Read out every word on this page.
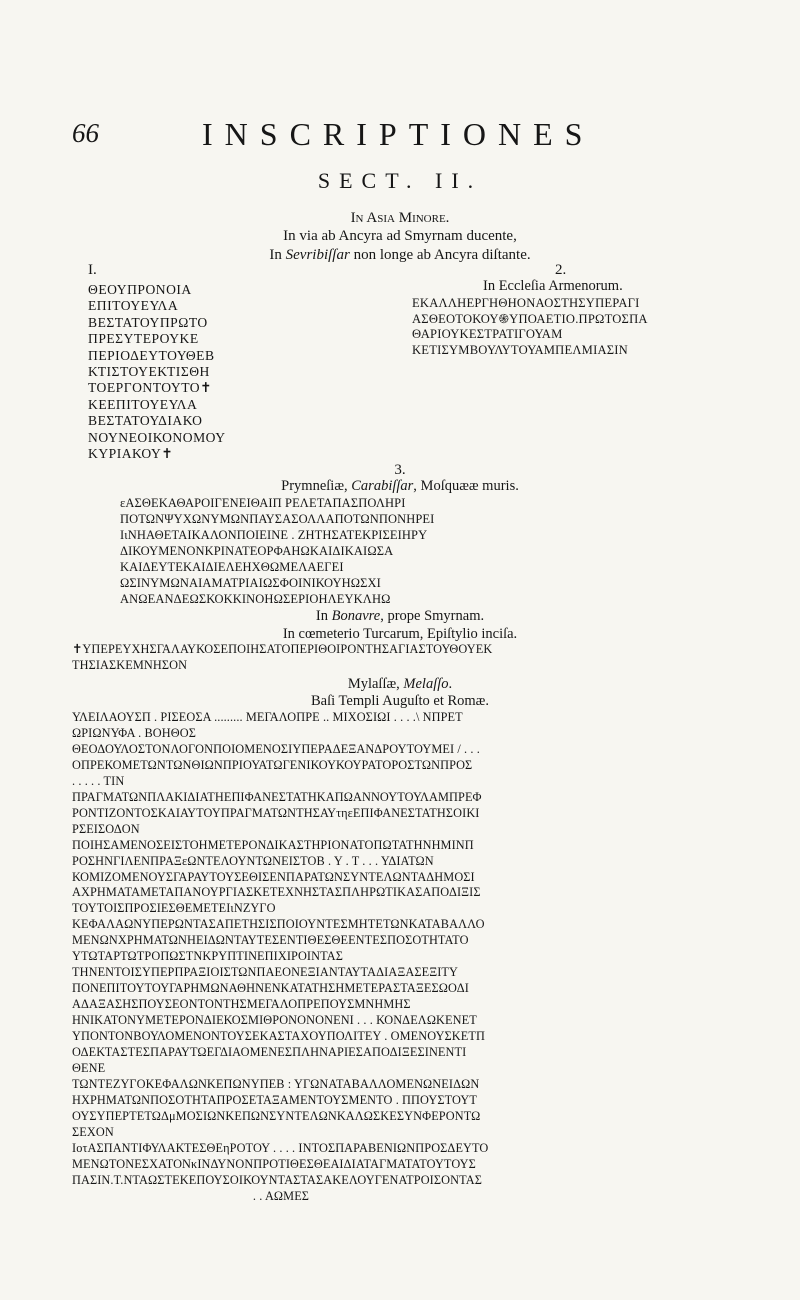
66	INSCRIPTIONES
SECT. II.
In Asia Minore.
In via ab Ancyra ad Smyrnam ducente,
In Sevribiſſar non longe ab Ancyra diſtante.
I.
ΘΕΟΥΠΡΟΝΟΙΑ
ΕΠΙΤΟΥΕΥΛΑ
ΒΕΣΤΑΤΟΥΠΡΩΤΟ
ΠΡΕΣΥΤΕΡΟΥΚΕ
ΠΕΡΙΟΔΕΥΤΟΥΘΕΒ
ΚΤΙΣΤΟΥΕΚΤΙΣΘΗ
ΤΟΕΡΓΟΝΤΟΥΤΟ✝
ΚΕΕΠΙΤΟΥΕΥΛΑ
ΒΕΣΤΑΤΟΥΔΙΑΚΟ
ΝΟΥΝΕΟΙΚΟΝΟΜΟΥ
ΚΥΡΙΑΚΟΥ✝
2.
In Eccleſia Armenorum.
ΕΚΑΛΛΗΕΡΓΗΘΗΟΝΑΟΣΤΗΣΥΠΕΡΑΓΙ
ΑΣΘΕΟΤΟΚΟΥ֍ΥΠΟΑΕΤΙΟ.ΠΡΩΤΟΣΠΑ
ΘΑΡΙΟΥΚΕΣΤΡΑΤΙΓΟΥΑΜ
ΚΕΤΙΣΥΜΒΟΥΛΥΤΟΥΑΜΠΕΛΜΙΑΣΙΝ
3.
Prymneſiæ, Carabiſſar, Moſquææ muris.
εΑΣΘΕΚΑΘΑΡΟΙΓΕΝΕΙΘΑΙΠ ΡΕΛΕΤΑΠΑΣΠΟΛΗΡΙ
ΠΟΤΩΝΨΥΧΩΝΥΜΩΝΠΑΥΣΑΣΟΛΛΑΠΟΤΩΝΠΟΝΗΡΕΙ
ΙιΝΗΑΘΕΤΑΙΚΑΛΟΝΠΟΙΕΙΝΕ . ΖΗΤΗΣΑΤΕΚΡΙΣΕΙΗΡΥ
ΔΙΚΟΥΜΕΝΟΝΚΡΙΝΑΤΕΟΡΦΑΗΩΚΑΙΔΙΚΑΙΩΣΑ
ΚΑΙΔΕΥΤΕΚΑΙΔΙΕΛΕΗΧΘΩΜΕΛΑΕΓΕΙ
ΩΣΙΝΥΜΩΝΑΙΑΜΑΤΡΙΑΙΩΣΦΟΙΝΙΚΟΥΗΩΣΧΙ
ΑΝΩΕΑΝΔΕΩΣΚΟΚΚΙΝΟΗΩΣΕΡΙΟΗΛΕΥΚΛΗΩ
In Bonavre, prope Smyrnam.
In cœmeterio Turcarum, Epiſtylio inciſa.
✝ΥΠΕΡΕΥΧΗΣΓΑΛΑΥΚΟΣΕΠΟΙΗΣΑΤΟΠΕΡΙΘΟΙΡΟΝΤΗΣΑΓΙΑΣΤΟΥΘΟΥΕΚ
ΤΗΣΙΑΣΚΕΜΝΗΣΟΝ
Mylaſſæ, Melaſſo.
Baſi Templi Auguſto et Romæ.
ΥΛΕΙΛΑΟΥΣΠ . ΡΙΣΕΟΣΑ ......... ΜΕΓΑΛΟΠΡΕ .. ΜΙΧΟΣΙΩΙ . . . .\ ΝΠΡΕΤ
ΩΡΙΩΝΥΦΑ . ΒΟΗΘΟΣ
ΘΕΟΔΟΥΛΟΣΤΟΝΛΟΓΟΝΠΟΙΟΜΕΝΟΣΙΥΠΕΡΑΔΕΞΑΝΔΡΟΥΤΟΥΜΕΙ / . . .
ΟΠΡΕΚΟΜΕΤΩΝΤΩΝΘΙΩΝΠΡΙΟΥΑΤΩΓΕΝΙΚΟΥΚΟΥΡΑΤΟΡΟΣΤΩΝΠΡΟΣ
. . . . . ΤΙΝ
ΠΡΑΓΜΑΤΩΝΠΛΑΚΙΔΙΑΤΗΕΠΙΦΑΝΕΣΤΑΤΗΚΑΠΩΑΝΝΟΥΤΟΥΛΑΜΠΡΕΦ
ΡΟΝΤΙΖΟΝΤΟΣΚΑΙΑΥΤΟΥΠΡΑΓΜΑΤΩΝΤΗΣΑΥτηεΕΠΙΦΑΝΕΣΤΑΤΗΣΟΙΚΙ
ΡΣΕΙΣΟΔΟΝ
ΠΟΙΗΣΑΜΕΝΟΣΕΙΣΤΟΗΜΕΤΕΡΟΝΔΙΚΑΣΤΗΡΙΟΝΑΤΟΠΩΤΑΤΗΝΗΜΙΝΠ
ΡΟΣΗΝΓΙΛΕΝΠΡΑΞεΩΝΤΕΛΟΥΝΤΩΝΕΙΣΤΟΒ . Υ . Τ . . . ΥΔΙΑΤΩΝ
ΚΟΜΙΖΟΜΕΝΟΥΣΓΑΡΑΥΤΟΥΣΕΘΙΣΕΝΠΑΡΑΤΩΝΣΥΝΤΕΛΩΝΤΑΔΗΜΟΣΙ
ΑΧΡΗΜΑΤΑΜΕΤΑΠΑΝΟΥΡΓΙΑΣΚΕΤΕΧΝΗΣΤΑΣΠΛΗΡΩΤΙΚΑΣΑΠΟΔΙΞΙΣ
ΤΟΥΤΟΙΣΠΡΟΣΙΕΣΘΕΜΕΤΕΙιΝΖΥΓΟ
ΚΕΦΑΛΑΩΝΥΠΕΡΩΝΤΑΣΑΠΕΤΗΣΙΣΠΟΙΟΥΝΤΕΣΜΗΤΕΤΩΝΚΑΤΑΒΑΛΛΟ
ΜΕΝΩΝΧΡΗΜΑΤΩΝΗΕΙΔΩΝΤΑΥΤΕΣΕΝΤΙΘΕΣΘΕΕΝΤΕΣΠΟΣΟΤΗΤΑΤΟ
ΥΤΩΤΑΡΤΩΤΡΟΠΩΣΤΝΚΡΥΠΤΙΝΕΠΙΧΙΡΟΙΝΤΑΣ
ΤΗΝΕΝΤΟΙΣΥΠΕΡΠΡΑΞΙΟΙΣΤΩΝΠΑΕΟΝΕΞΙΑΝΤΑΥΤΑΔΙΑΞΑΣΕΞΙΤΥ
ΠΟΝΕΠΙΤΟΥΤΟΥΓΑΡΗΜΩΝΑΘΗΝΕΝΚΑΤΑΤΗΣΗΜΕΤΕΡΑΣΤΑΞΕΣΩΟΔΙ
ΑΔΑΞΑΣΗΣΠΟΥΣΕΟΝΤΟΝΤΗΣΜΕΓΑΛΟΠΡΕΠΟΥΣΜΝΗΜΗΣ
ΗΝΙΚΑΤΟΝΥΜΕΤΕΡΟΝΔΙΕΚΟΣΜΙΘΡΟΝΟΝΟΝΕΝΙ . . . ΚΟΝΔΕΛΩΚΕΝΕΤ
ΥΠΟΝΤΟΝΒΟΥΛΟΜΕΝΟΝΤΟΥΣΕΚΑΣΤΑΧΟΥΠΟΛΙΤΕΥ . ΟΜΕΝΟΥΣΚΕΤΠ
ΟΔΕΚΤΑΣΤΕΣΠΑΡΑΥΤΩΕΓΔΙΑΟΜΕΝΕΣΠΛΗΝΑΡΙΕΣΑΠΟΔΙΞΕΣΙΝΕΝΤΙ
ΘΕΝΕ
ΤΩΝΤΕΖΥΓΟΚΕΦΑΛΩΝΚΕΠΩΝΥΠΕΒ : ΥΓΩΝΑΤΑΒΑΛΛΟΜΕΝΩΝΕΙΔΩΝ
ΗΧΡΗΜΑΤΩΝΠΟΣΟΤΗΤΑΠΡΟΣΕΤΑΞΑΜΕΝΤΟΥΣΜΕΝΤΟ . ΠΠΟΥΣΤΟΥΤ
ΟΥΣΥΠΕΡΤΕΤΩΔμΜΟΣΙΩΝΚΕΠΩΝΣΥΝΤΕΛΩΝΚΑΛΩΣΚΕΣΥΝΦΕΡΟΝΤΩ
ΣΕΧΟΝ
ΙοτΑΣΠΑΝΤΙΦΥΛΑΚΤΕΣΘΕηΡΟΤΟΥ . . . . ΙΝΤΟΣΠΑΡΑΒΕΝΙΩΝΠΡΟΣΔΕΥΤΟ
ΜΕΝΩΤΟΝΕΣΧΑΤΟΝκΙΝΔΥΝΟΝΠΡΟΤΙΘΕΣΘΕΑΙΔΙΑΤΑΓΜΑΤΑΤΟΥΤΟΥΣ
ΠΑΣΙΝ.Τ.ΝΤΑΩΣΤΕΚΕΠΟΥΣΟΙΚΟΥΝΤΑΣΤΑΣΑΚΕΛΟΥΓΕΝΑΤΡΟΙΣΟΝΤΑΣ
. . ΑΩΜΕΣ
